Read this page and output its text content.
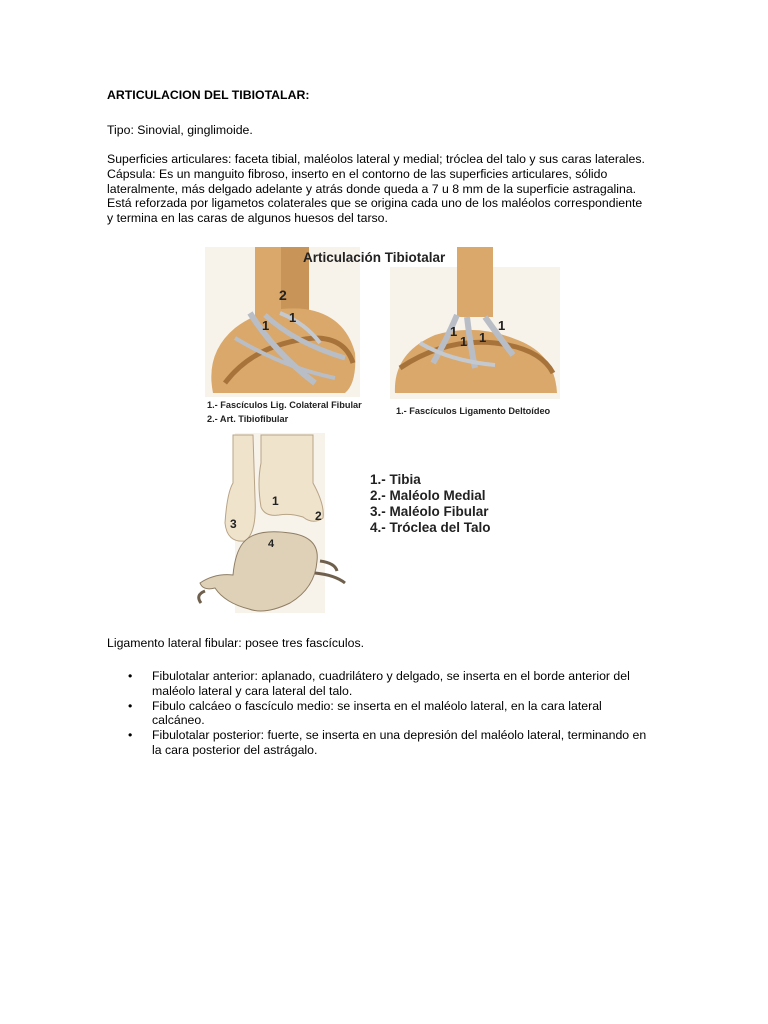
ARTICULACION DEL TIBIOTALAR:
Tipo: Sinovial, ginglimoide.
Superficies articulares: faceta tibial, maléolos lateral y medial; tróclea del talo y sus caras laterales.
Cápsula: Es un manguito fibroso, inserto en el contorno de las superficies articulares, sólido
lateralmente, más delgado adelante y atrás donde queda a 7 u 8 mm de la superficie astragalina.
Está reforzada por ligametos colaterales que se origina cada uno de los maléolos correspondiente
y termina en las caras de algunos huesos del tarso.
2
1
1
Articulación Tibiotalar
1	1
1 1
1.- Fascículos Lig. Colateral Fibular
2.- Art. Tibiofibular
1.- Fascículos Ligamento Deltoídeo
1
2
3
4
1.- Tibia
2.- Maléolo Medial
3.- Maléolo Fibular
4.- Tróclea del Talo
Ligamento lateral fibular: posee tres fascículos.
• Fibulotalar anterior: aplanado, cuadrilátero y delgado, se inserta en el borde anterior del
maléolo lateral y cara lateral del talo.
• Fibulo calcáeo o fascículo medio: se inserta en el maléolo lateral, en la cara lateral
calcáneo.
• Fibulotalar posterior: fuerte, se inserta en una depresión del maléolo lateral, terminando en
la cara posterior del astrágalo.
